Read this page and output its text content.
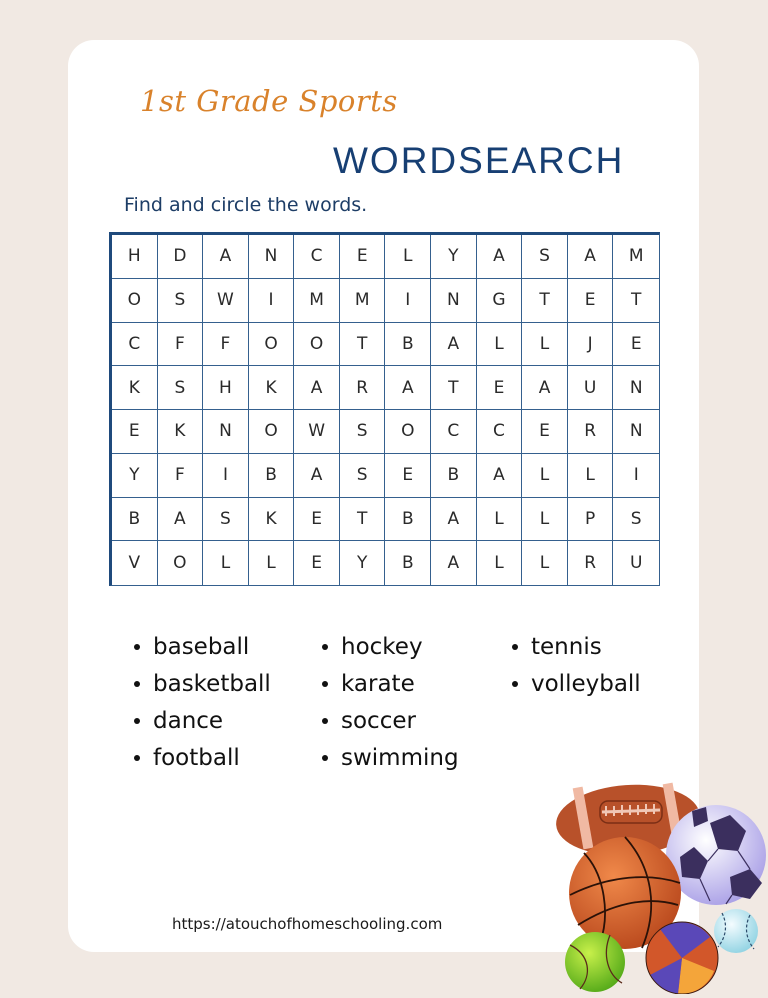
1st Grade Sports
WORDSEARCH
Find and circle the words.
H	D	A	N	C	E	L	Y	A	S	A	M
O	S	W	I	M	M	I	N	G	T	E	T
C	F	F	O	O	T	B	A	L	L	J	E
K	S	H	K	A	R	A	T	E	A	U	N
E	K	N	O	W	S	O	C	C	E	R	N
Y	F	I	B	A	S	E	B	A	L	L	I
B	A	S	K	E	T	B	A	L	L	P	S
V	O	L	L	E	Y	B	A	L	L	R	U
baseball
basketball
dance
football
hockey
karate
soccer
swimming
tennis
volleyball
https://atouchofhomeschooling.com
